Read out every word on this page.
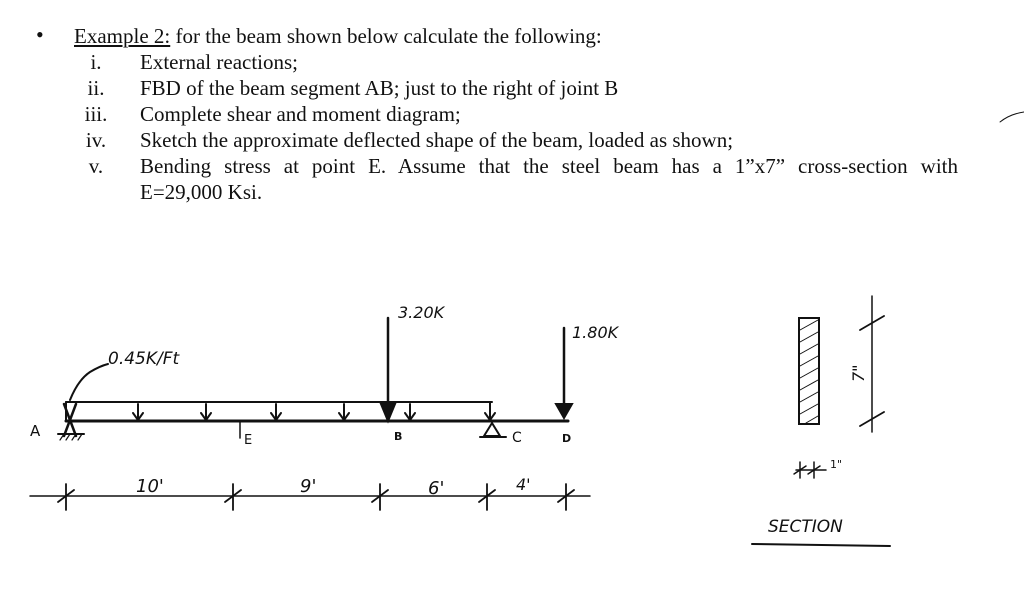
• Example 2: for the beam shown below calculate the following:
i.	External reactions;
ii.	FBD of the beam segment AB; just to the right of joint B
iii.	Complete shear and moment diagram;
iv.	Sketch the approximate deflected shape of the beam, loaded as shown;
v.	Bending stress at point E. Assume that the steel beam has a 1”x7” cross-section with
E=29,000 Ksi.
0.45K/Ft
3.20K
1.80K
A
E	B	C	D
10'	9'	6'	4'
7"
1"
SECTION
